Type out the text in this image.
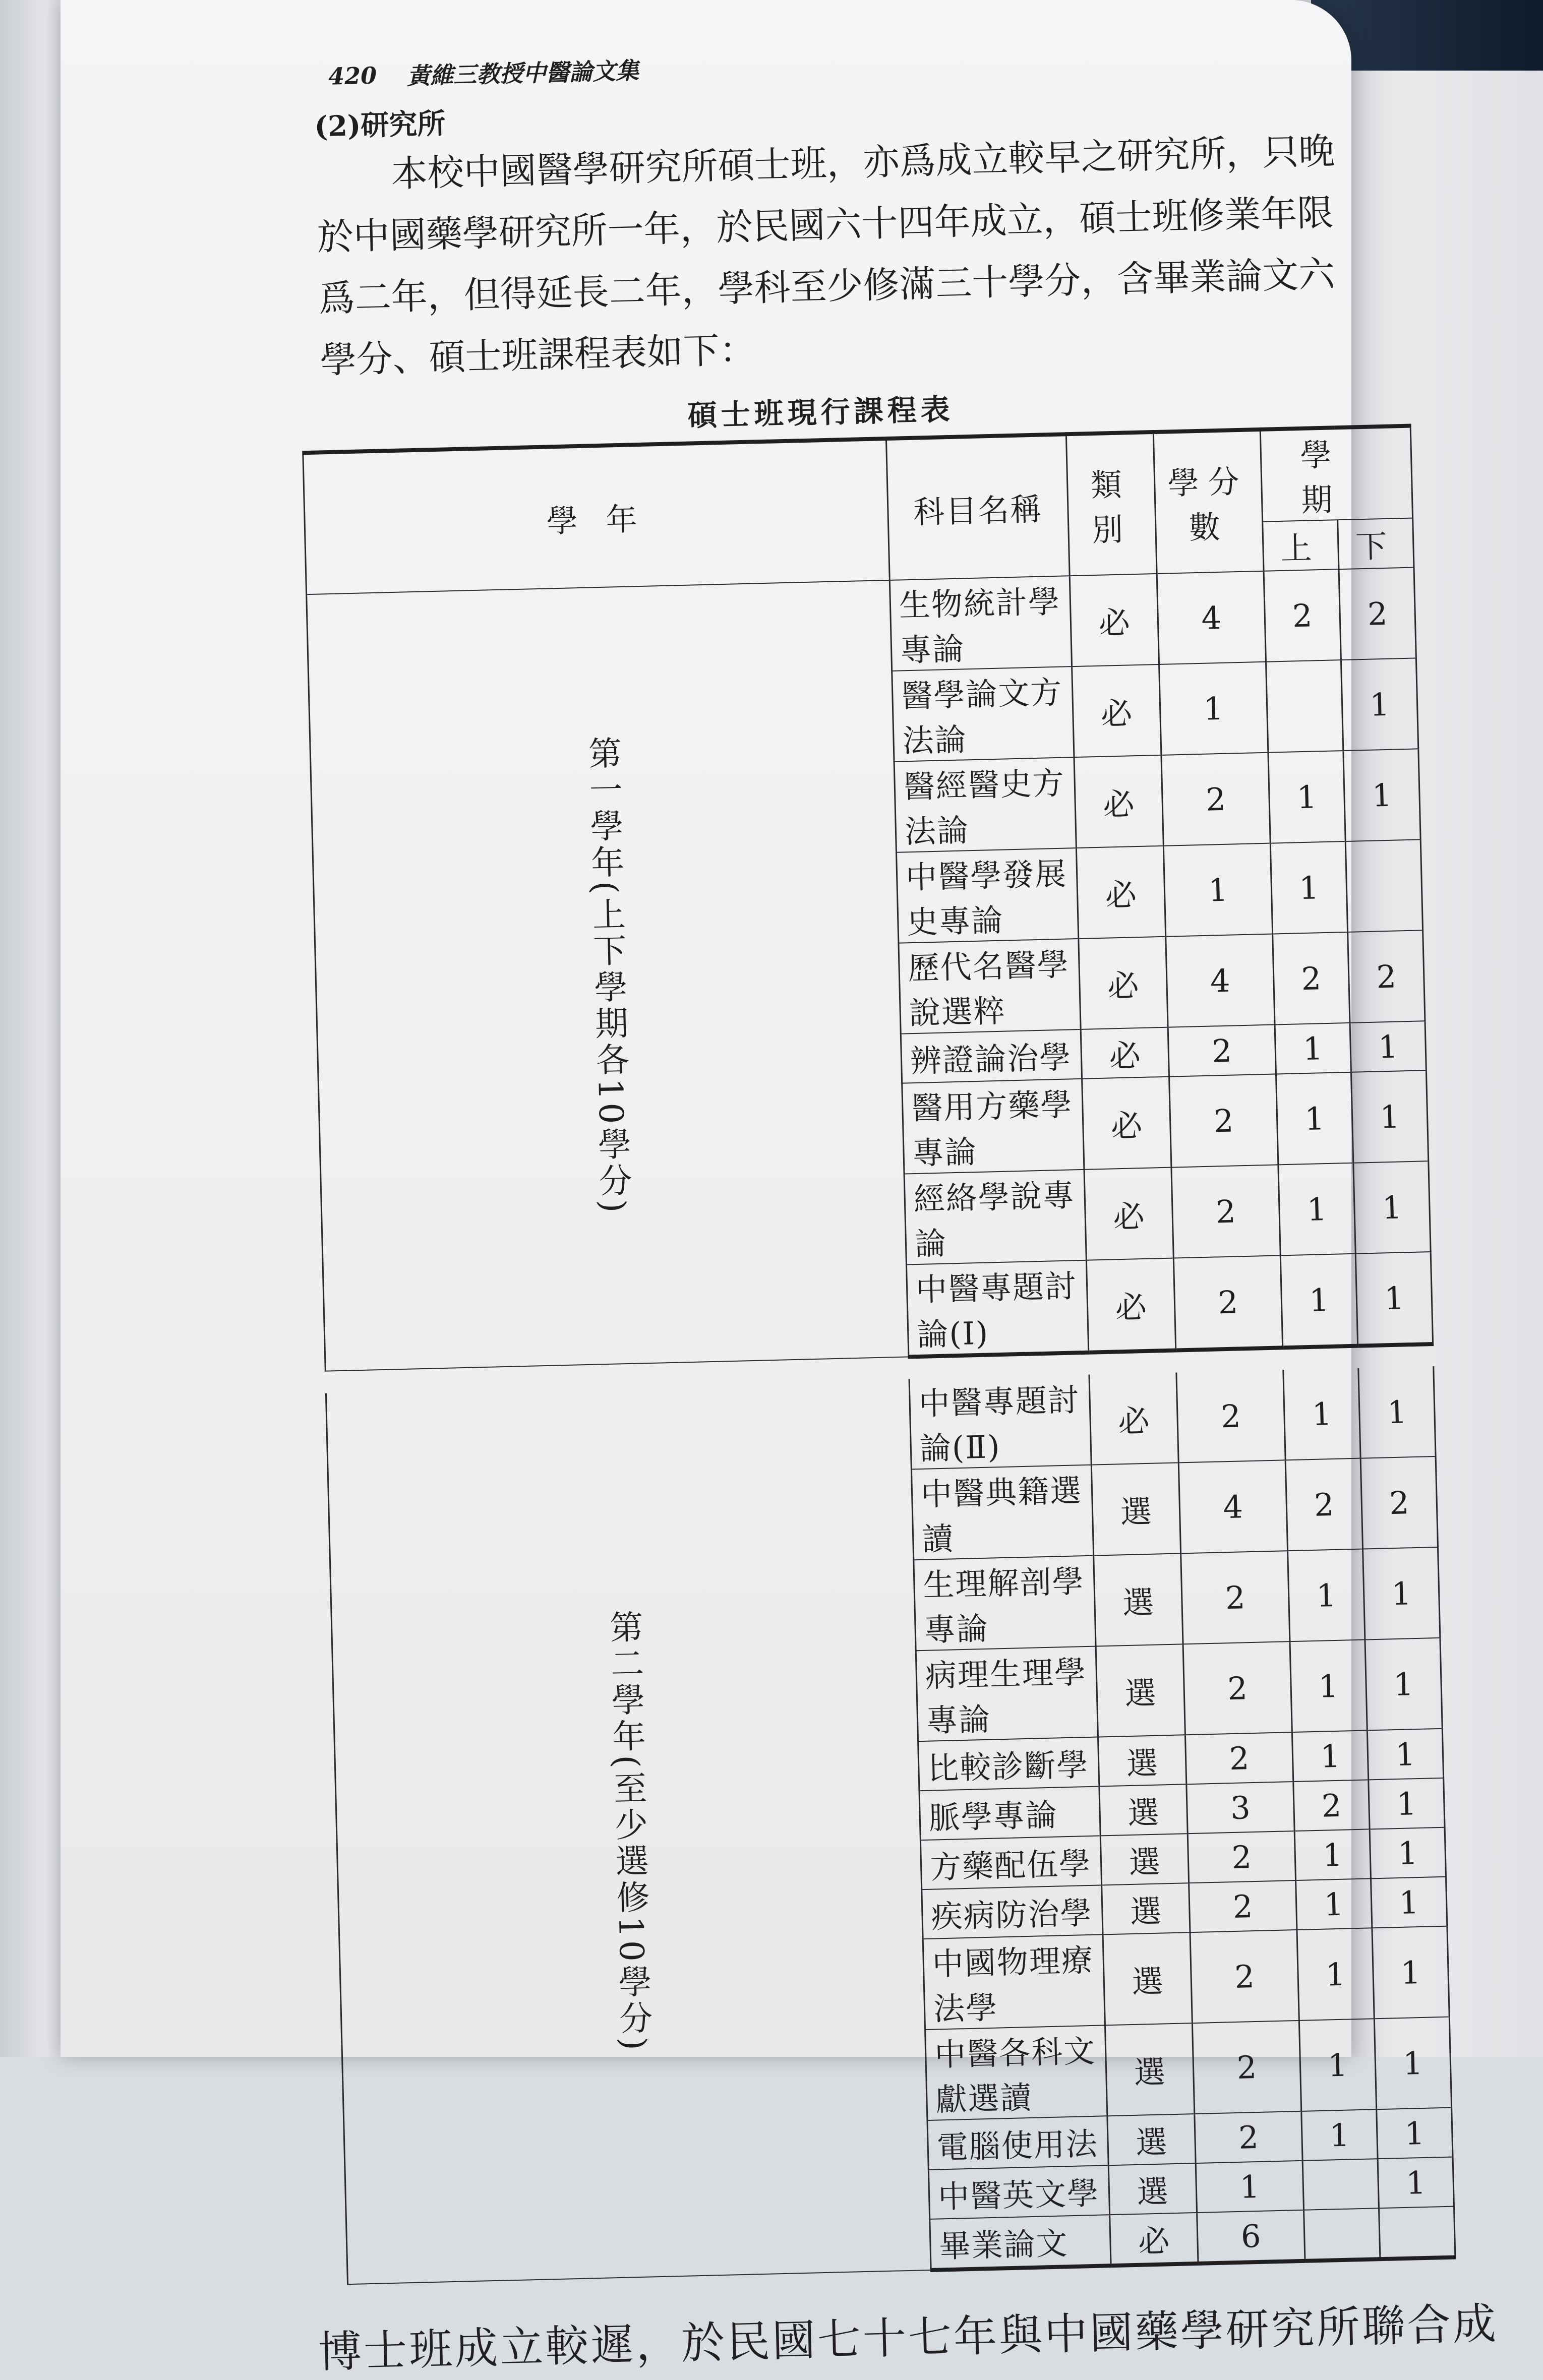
420 黃維三教授中醫論文集
(2)研究所

本校中國醫學研究所碩士班，亦爲成立較早之研究所，只晚

於中國藥學研究所一年，於民國六十四年成立，碩士班修業年限

爲二年，但得延長二年，學科至少修滿三十學分，含畢業論文六

學分、碩士班課程表如下：

碩士班現行課程表
學 年	科目名稱	類別	學分數	學 期	
				上	下

第一學年(上下學期各10學分)	生物統計學專論	必	4	2	2
	醫學論文方法論	必	1		1
	醫經醫史方法論	必	2	1	1
	中醫學發展史專論	必	1	1	
	歷代名醫學說選粹	必	4	2	2
	辨證論治學	必	2	1	1
	醫用方藥學專論	必	2	1	1
	經絡學說專論	必	2	1	1
	中醫專題討論(Ⅰ)	必	2	1	1

第二學年(至少選修10學分)	中醫專題討論(Ⅱ)	必	2	1	1
	中醫典籍選讀	選	4	2	2
	生理解剖學專論	選	2	1	1
	病理生理學專論	選	2	1	1
	比較診斷學	選	2	1	1
	脈學專論	選	3	2	1
	方藥配伍學	選	2	1	1
	疾病防治學	選	2	1	1
	中國物理療法學	選	2	1	1
	中醫各科文獻選讀	選	2	1	1
	電腦使用法	選	2	1	1
	中醫英文學	選	1		1
	畢業論文	必	6		
博士班成立較遲，於民國七十七年與中國藥學研究所聯合成
